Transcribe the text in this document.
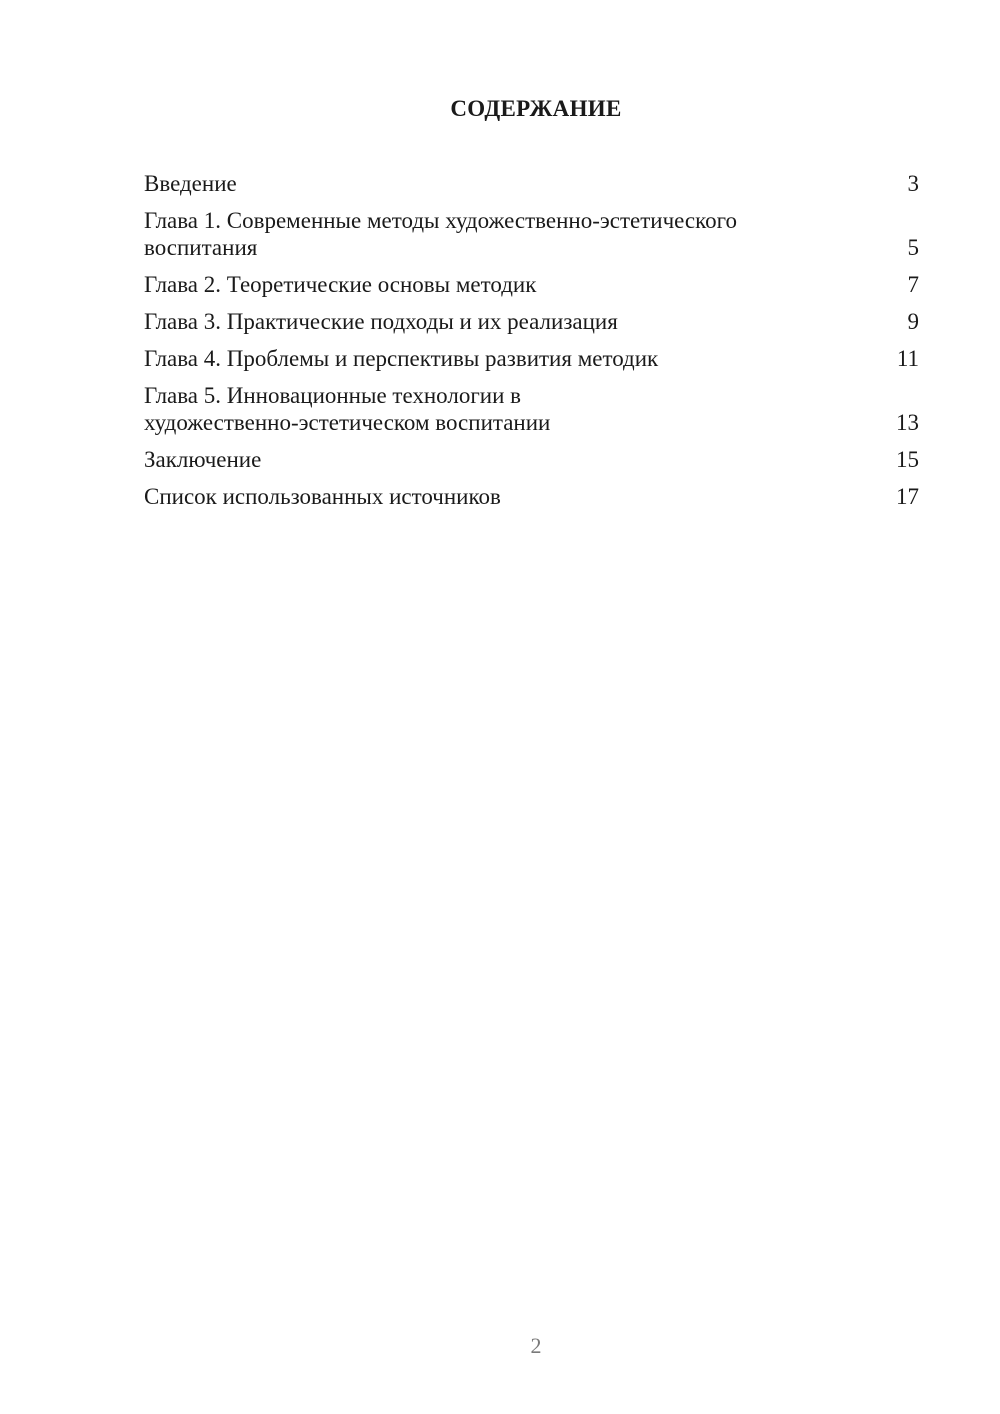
СОДЕРЖАНИЕ
Введение	3
Глава 1. Современные методы художественно-эстетического
воспитания	5
Глава 2. Теоретические основы методик	7
Глава 3. Практические подходы и их реализация	9
Глава 4. Проблемы и перспективы развития методик	11
Глава 5. Инновационные технологии в
художественно-эстетическом воспитании	13
Заключение	15
Список использованных источников	17
2
